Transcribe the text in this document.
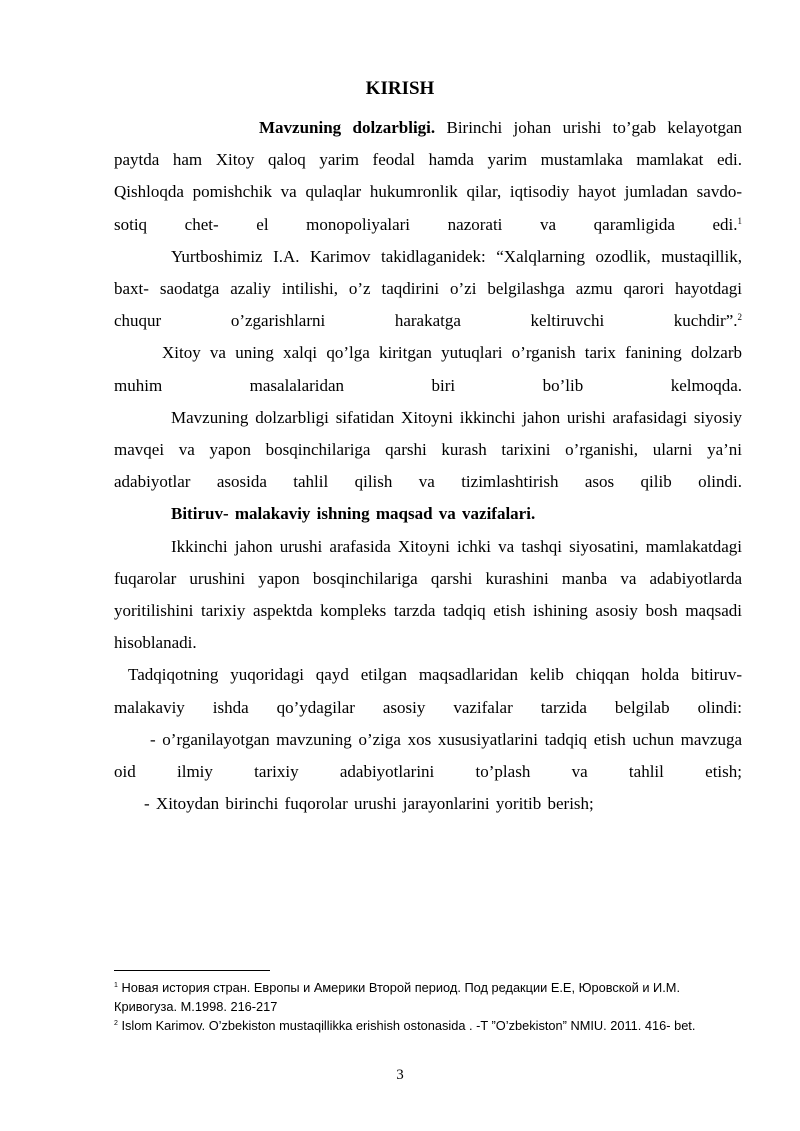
KIRISH

Mavzuning dolzarbligi. Birinchi johan urishi to’gab kelayotgan paytda ham Xitoy qaloq yarim feodal hamda yarim mustamlaka mamlakat edi. Qishloqda pomishchik va qulaqlar hukumronlik qilar, iqtisodiy hayot jumladan savdo- sotiq chet- el monopoliyalari nazorati va qaramligida edi.$^1$

Yurtboshimiz I.A. Karimov takidlaganidek: “Xalqlarning ozodlik, mustaqillik, baxt- saodatga azaliy intilishi, o’z taqdirini o’zi belgilashga azmu qarori hayotdagi chuqur o’zgarishlarni harakatga keltiruvchi kuchdir”.$^2$

Xitoy va uning xalqi qo’lga kiritgan yutuqlari o’rganish tarix fanining dolzarb muhim masalalaridan biri bo’lib kelmoqda.

Mavzuning dolzarbligi sifatidan Xitoyni ikkinchi jahon urishi arafasidagi siyosiy mavqei va yapon bosqinchilariga qarshi kurash tarixini o’rganishi, ularni ya’ni adabiyotlar asosida tahlil qilish va tizimlashtirish asos qilib olindi.

Bitiruv- malakaviy ishning maqsad va vazifalari.

Ikkinchi jahon urushi arafasida Xitoyni ichki va tashqi siyosatini, mamlakatdagi fuqarolar urushini yapon bosqinchilariga qarshi kurashini manba va adabiyotlarda yoritilishini tarixiy aspektda kompleks tarzda tadqiq etish ishining asosiy bosh maqsadi hisoblanadi.

Tadqiqotning yuqoridagi qayd etilgan maqsadlaridan kelib chiqqan holda bitiruv- malakaviy ishda qo’ydagilar asosiy vazifalar tarzida belgilab olindi:

- o’rganilayotgan mavzuning o’ziga xos xususiyatlarini tadqiq etish uchun mavzuga oid ilmiy tarixiy adabiyotlarini to’plash va tahlil etish;

- Xitoydan birinchi fuqorolar urushi jarayonlarini yoritib berish;

$^1$ Новая история стран. Европы и Америки Второй период. Под редакции Е.Е, Юровской и И.М. Кривогуза. М.1998. 216-217

$^2$ Islom Karimov. O’zbekiston mustaqillikka erishish ostonasida . -T ”O’zbekiston” NMIU. 2011. 416- bet.

3
